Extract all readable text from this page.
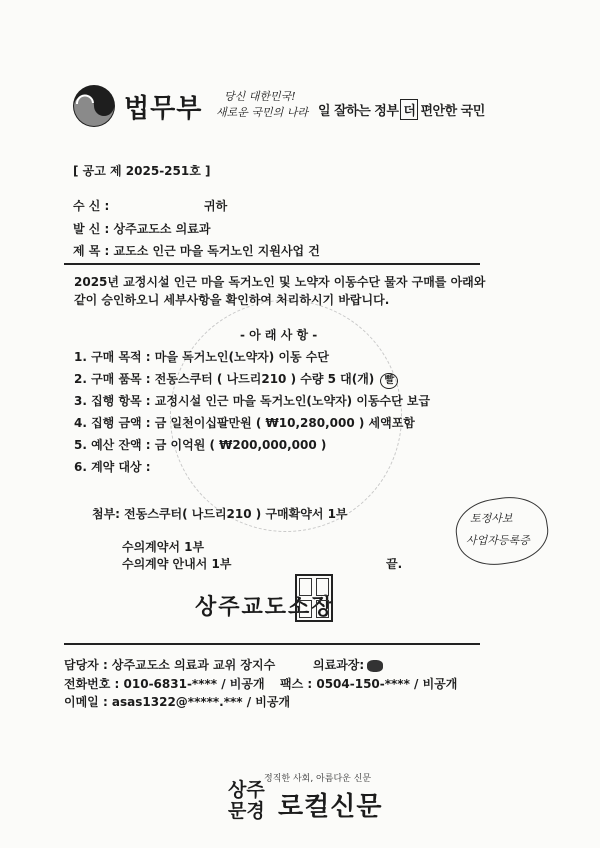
법무부 당신 대한민국!
새로운 국민의 나라 일 잘하는 정부 더 편안한 국민
[ 공고 제 2025-251호 ]
수 신 :	귀하
발 신 : 상주교도소 의료과
제 목 : 교도소 인근 마을 독거노인 지원사업 건
2025년 교정시설 인근 마을 독거노인 및 노약자 이동수단 물자 구매를 아래와
같이 승인하오니 세부사항을 확인하여 처리하시기 바랍니다.
- 아 래 사 항 -
1. 구매 목적 : 마을 독거노인(노약자) 이동 수단
2. 구매 품목 : 전동스쿠터 ( 나드리210 ) 수량 5 대(개) 빨
3. 집행 항목 : 교정시설 인근 마을 독거노인(노약자) 이동수단 보급
4. 집행 금액 : 금 일천이십팔만원 ( ₩10,280,000 ) 세액포함
5. 예산 잔액 : 금 이억원 ( ₩200,000,000 )
6. 계약 대상 :
첨부: 전동스쿠터( 나드리210 ) 구매확약서 1부
수의계약서 1부
수의계약 안내서 1부	끝.
토정사보
사업자등록증
상주교도소장
담당자 : 상주교도소 의료과 교위 장지수	의료과장:
전화번호 : 010-6831-**** / 비공개 팩스 : 0504-150-**** / 비공개
이메일 : asas1322@*****.*** / 비공개
정직한 사회, 아름다운 신문
상주
문경 로컬신문
